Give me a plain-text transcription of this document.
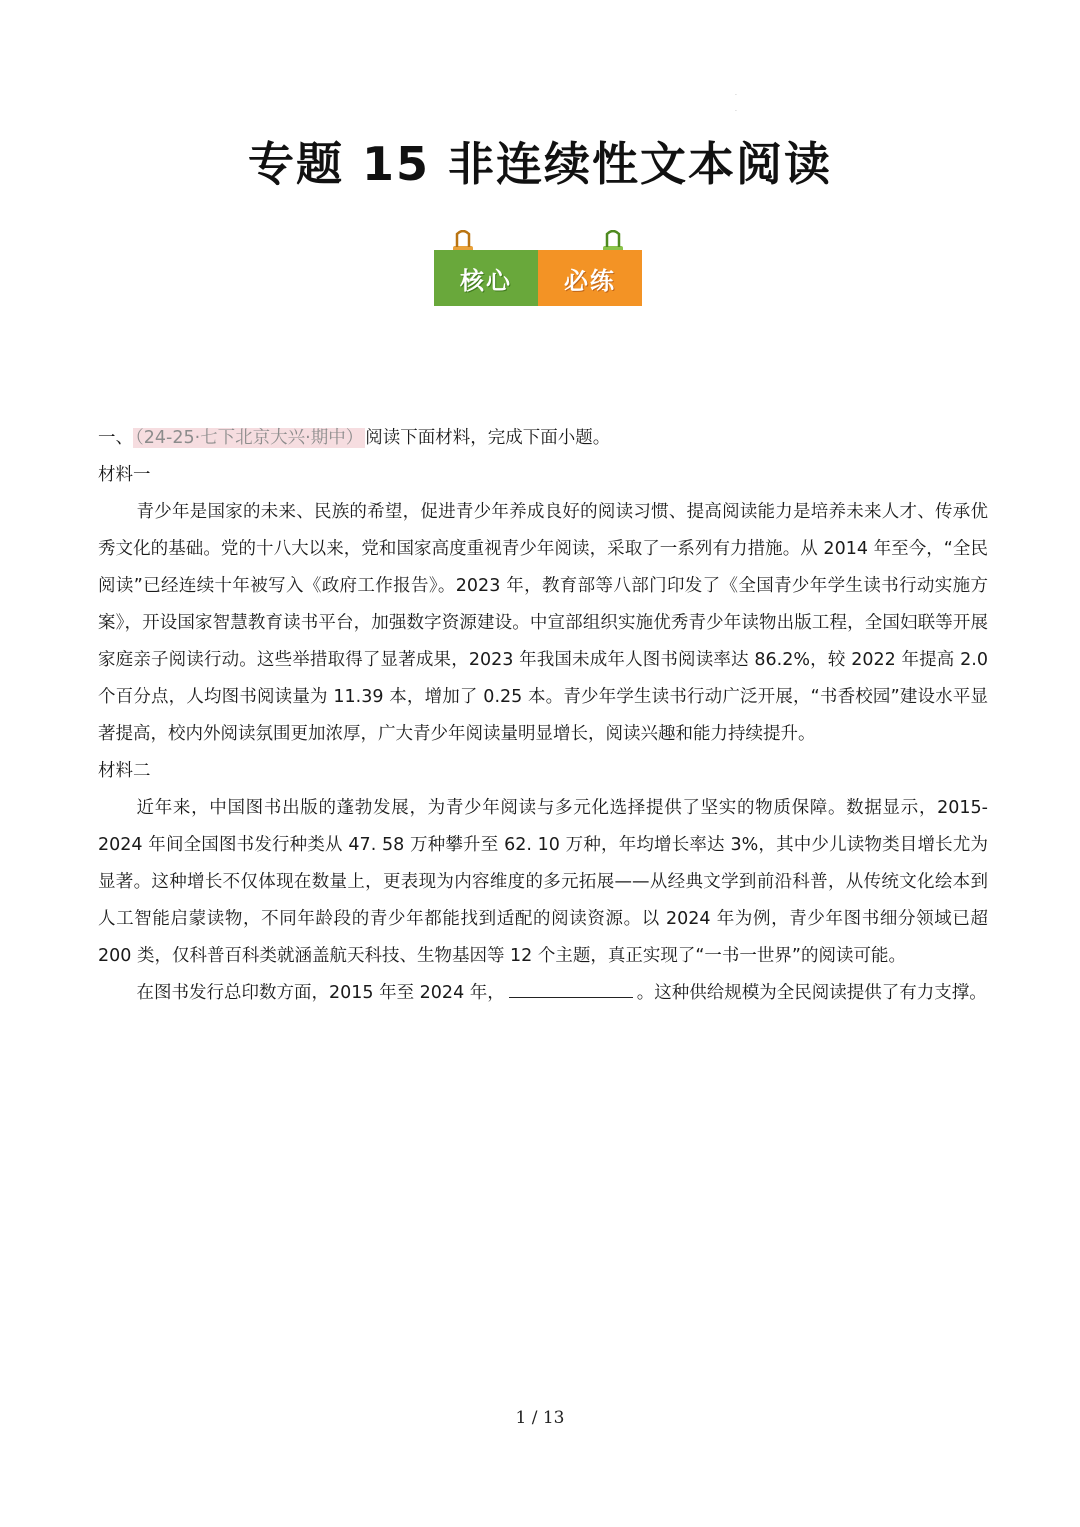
·
·
专题 15 非连续性文本阅读
核心	必练

一、 （24-25·七下北京大兴·期中） 阅读下面材料，完成下面小题。

材料一

青少年是国家的未来、民族的希望，促进青少年养成良好的阅读习惯、提高阅读能力是培养未来人才、传承优秀文化的基础。党的十八大以来，党和国家高度重视青少年阅读，采取了一系列有力措施。从 2014 年至今，“全民阅读”已经连续十年被写入《政府工作报告》。2023 年，教育部等八部门印发了《全国青少年学生读书行动实施方案》，开设国家智慧教育读书平台，加强数字资源建设。中宣部组织实施优秀青少年读物出版工程，全国妇联等开展家庭亲子阅读行动。这些举措取得了显著成果，2023 年我国未成年人图书阅读率达 86.2%，较 2022 年提高 2.0 个百分点，人均图书阅读量为 11.39 本，增加了 0.25 本。青少年学生读书行动广泛开展，“书香校园”建设水平显著提高，校内外阅读氛围更加浓厚，广大青少年阅读量明显增长，阅读兴趣和能力持续提升。

材料二

近年来，中国图书出版的蓬勃发展，为青少年阅读与多元化选择提供了坚实的物质保障。数据显示，2015-2024 年间全国图书发行种类从 47. 58 万种攀升至 62. 10 万种，年均增长率达 3%，其中少儿读物类目增长尤为显著。这种增长不仅体现在数量上，更表现为内容维度的多元拓展——从经典文学到前沿科普，从传统文化绘本到人工智能启蒙读物，不同年龄段的青少年都能找到适配的阅读资源。以 2024 年为例，青少年图书细分领域已超 200 类，仅科普百科类就涵盖航天科技、生物基因等 12 个主题，真正实现了“一书一世界”的阅读可能。

在图书发行总印数方面，2015 年至 2024 年，	。这种供给规模为全民阅读提供了有力支撑。

1 / 13
